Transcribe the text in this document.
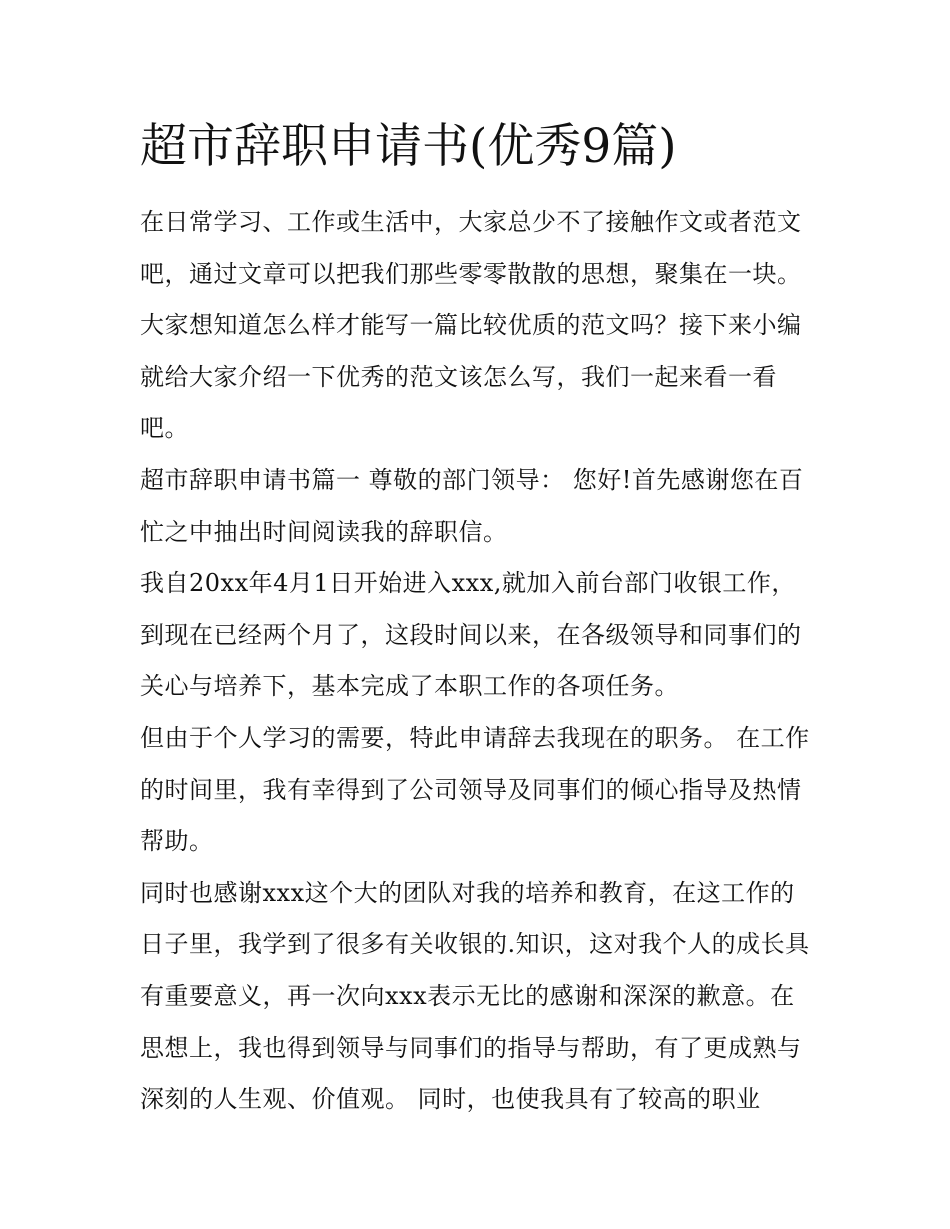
超市辞职申请书(优秀9篇)

在日常学习、工作或生活中，大家总少不了接触作文或者范文吧，通过文章可以把我们那些零零散散的思想，聚集在一块。大家想知道怎么样才能写一篇比较优质的范文吗？接下来小编就给大家介绍一下优秀的范文该怎么写，我们一起来看一看吧。

超市辞职申请书篇一 尊敬的部门领导： 您好!首先感谢您在百忙之中抽出时间阅读我的辞职信。

我自20xx年4月1日开始进入xxx,就加入前台部门收银工作，到现在已经两个月了，这段时间以来，在各级领导和同事们的关心与培养下，基本完成了本职工作的各项任务。

但由于个人学习的需要，特此申请辞去我现在的职务。 在工作的时间里，我有幸得到了公司领导及同事们的倾心指导及热情帮助。

同时也感谢xxx这个大的团队对我的培养和教育，在这工作的日子里，我学到了很多有关收银的.知识，这对我个人的成长具有重要意义，再一次向xxx表示无比的感谢和深深的歉意。在思想上，我也得到领导与同事们的指导与帮助，有了更成熟与深刻的人生观、价值观。 同时，也使我具有了较高的职业
